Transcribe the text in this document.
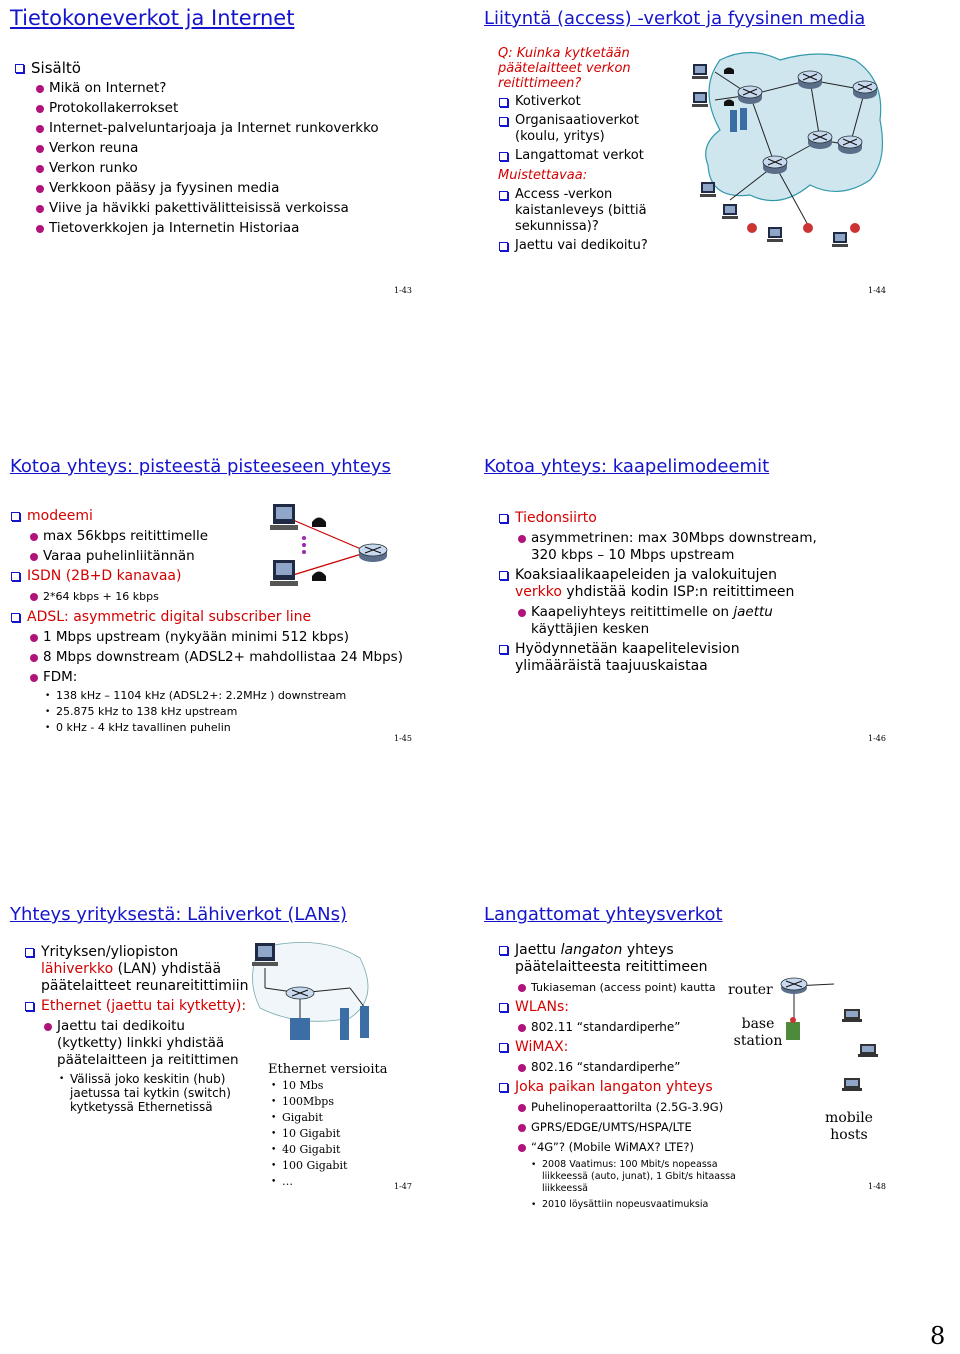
Tietokoneverkot ja Internet
Sisältö
Mikä on Internet?
Protokollakerrokset
Internet-palveluntarjoaja ja Internet runkoverkko
Verkon reuna
Verkon runko
Verkkoon pääsy ja fyysinen media
Viive ja hävikki pakettivälitteisissä verkoissa
Tietoverkkojen ja Internetin Historiaa
1-43
Liityntä (access) -verkot ja fyysinen media
Q: Kuinka kytketään päätelaitteet verkon reitittimeen?
Kotiverkot
Organisaatioverkot (koulu, yritys)
Langattomat verkot
Muistettavaa:
Access -verkon kaistanleveys (bittiä sekunnissa)?
Jaettu vai dedikoitu?
1-44
Kotoa yhteys: pisteestä pisteeseen yhteys
modeemi
max 56kbps reitittimelle
Varaa puhelinliitännän
ISDN (2B+D kanavaa)
2*64 kbps + 16 kbps
ADSL: asymmetric digital subscriber line
1 Mbps upstream (nykyään minimi 512 kbps)
8 Mbps downstream (ADSL2+ mahdollistaa 24 Mbps)
FDM:
• 138 kHz – 1104 kHz (ADSL2+: 2.2MHz ) downstream
• 25.875 kHz to 138 kHz upstream
• 0 kHz - 4 kHz tavallinen puhelin
1-45
Kotoa yhteys: kaapelimodeemit
Tiedonsiirto
asymmetrinen: max 30Mbps downstream, 320 kbps – 10 Mbps upstream
Koaksiaalikaapeleiden ja valokuitujen verkko yhdistää kodin ISP:n reitittimeen
Kaapeliyhteys reitittimelle on jaettu käyttäjien kesken
Hyödynnetään kaapelitelevision ylimääräistä taajuuskaistaa
1-46
Yhteys yrityksestä: Lähiverkot (LANs)
Yrityksen/yliopiston lähiverkko (LAN) yhdistää päätelaitteet reunareitittimiin
Ethernet (jaettu tai kytketty):
Jaettu tai dedikoitu (kytketty) linkki yhdistää päätelaitteen ja reitittimen
• Välissä joko keskitin (hub) jaetussa tai kytkin (switch) kytketyssä Ethernetissä
Ethernet versioita
• 10 Mbs
• 100Mbps
• Gigabit
• 10 Gigabit
• 40 Gigabit
• 100 Gigabit
• …	1-47
Langattomat yhteysverkot
Jaettu langaton yhteys päätelaitteesta reitittimeen
Tukiaseman (access point) kautta
WLANs:
802.11 “standardiperhe”
WiMAX:
802.16 “standardiperhe”
Joka paikan langaton yhteys
Puhelinoperaattorilta (2.5G-3.9G)
GPRS/EDGE/UMTS/HSPA/LTE
“4G”? (Mobile WiMAX? LTE?)
• 2008 Vaatimus: 100 Mbit/s nopeassa liikkeessä (auto, junat), 1 Gbit/s hitaassa liikkeessä
• 2010 löysättiin nopeusvaatimuksia
router
base station
mobile hosts
1-48
8
